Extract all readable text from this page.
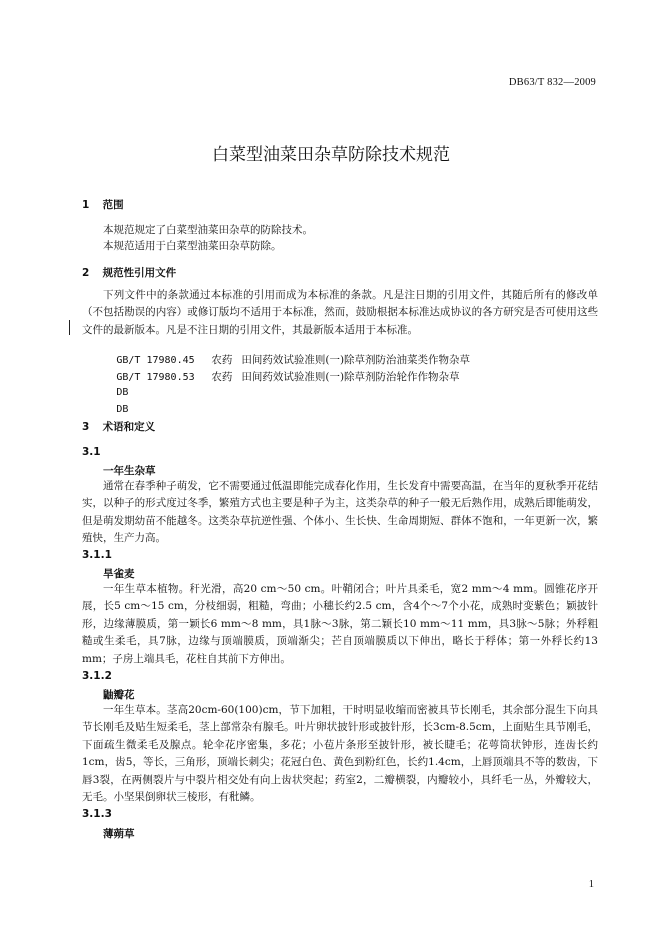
DB63/T 832—2009
白菜型油菜田杂草防除技术规范
1 范围
本规范规定了白菜型油菜田杂草的防除技术。
本规范适用于白菜型油菜田杂草防除。
2 规范性引用文件
下列文件中的条款通过本标准的引用而成为本标准的条款。凡是注日期的引用文件，其随后所有的修改单（不包括勘误的内容）或修订版均不适用于本标准，然而，鼓励根据本标准达成协议的各方研究是否可使用这些文件的最新版本。凡是不注日期的引用文件，其最新版本适用于本标准。

GB/T 17980.45 农药 田间药效试验准则(一)除草剂防治油菜类作物杂草

GB/T 17980.53 农药 田间药效试验准则(一)除草剂防治轮作作物杂草

DB

DB

3 术语和定义
3.1
一年生杂草
通常在春季种子萌发，它不需要通过低温即能完成春化作用，生长发育中需要高温，在当年的夏秋季开花结实，以种子的形式度过冬季，繁殖方式也主要是种子为主，这类杂草的种子一般无后熟作用，成熟后即能萌发，但是萌发期幼苗不能越冬。这类杂草抗逆性强、个体小、生长快、生命周期短、群体不饱和，一年更新一次，繁殖快，生产力高。
3.1.1
旱雀麦
一年生草本植物。秆光滑，高20 cm～50 cm。叶鞘闭合；叶片具柔毛，宽2 mm～4 mm。圆锥花序开展，长5 cm～15 cm，分枝细弱，粗糙，弯曲；小穗长约2.5 cm，含4个～7个小花，成熟时变紫色；颖披针形，边缘薄膜质，第一颖长6 mm～8 mm，具1脉～3脉，第二颖长10 mm～11 mm，具3脉～5脉；外稃粗糙或生柔毛，具7脉，边缘与顶端膜质，顶端渐尖；芒自顶端膜质以下伸出，略长于稃体；第一外稃长约13 mm；子房上端具毛，花柱自其前下方伸出。
3.1.2
鼬瓣花
一年生草本。茎高20cm-60(100)cm，节下加粗，干时明显收缩而密被具节长刚毛，其余部分混生下向具节长刚毛及贴生短柔毛，茎上部常杂有腺毛。叶片卵状披针形或披针形，长3cm-8.5cm，上面贴生具节刚毛，下面疏生微柔毛及腺点。轮伞花序密集，多花；小苞片条形至披针形，被长睫毛；花萼筒状钟形，连齿长约1cm，齿5，等长，三角形，顶端长刺尖；花冠白色、黄色到粉红色，长约1.4cm，上唇顶端具不等的数齿，下唇3裂，在两侧裂片与中裂片相交处有向上齿状突起；药室2，二瓣横裂，内瓣较小，具纤毛一丛，外瓣较大，无毛。小坚果倒卵状三棱形，有秕鳞。
3.1.3
薄蒴草
1
